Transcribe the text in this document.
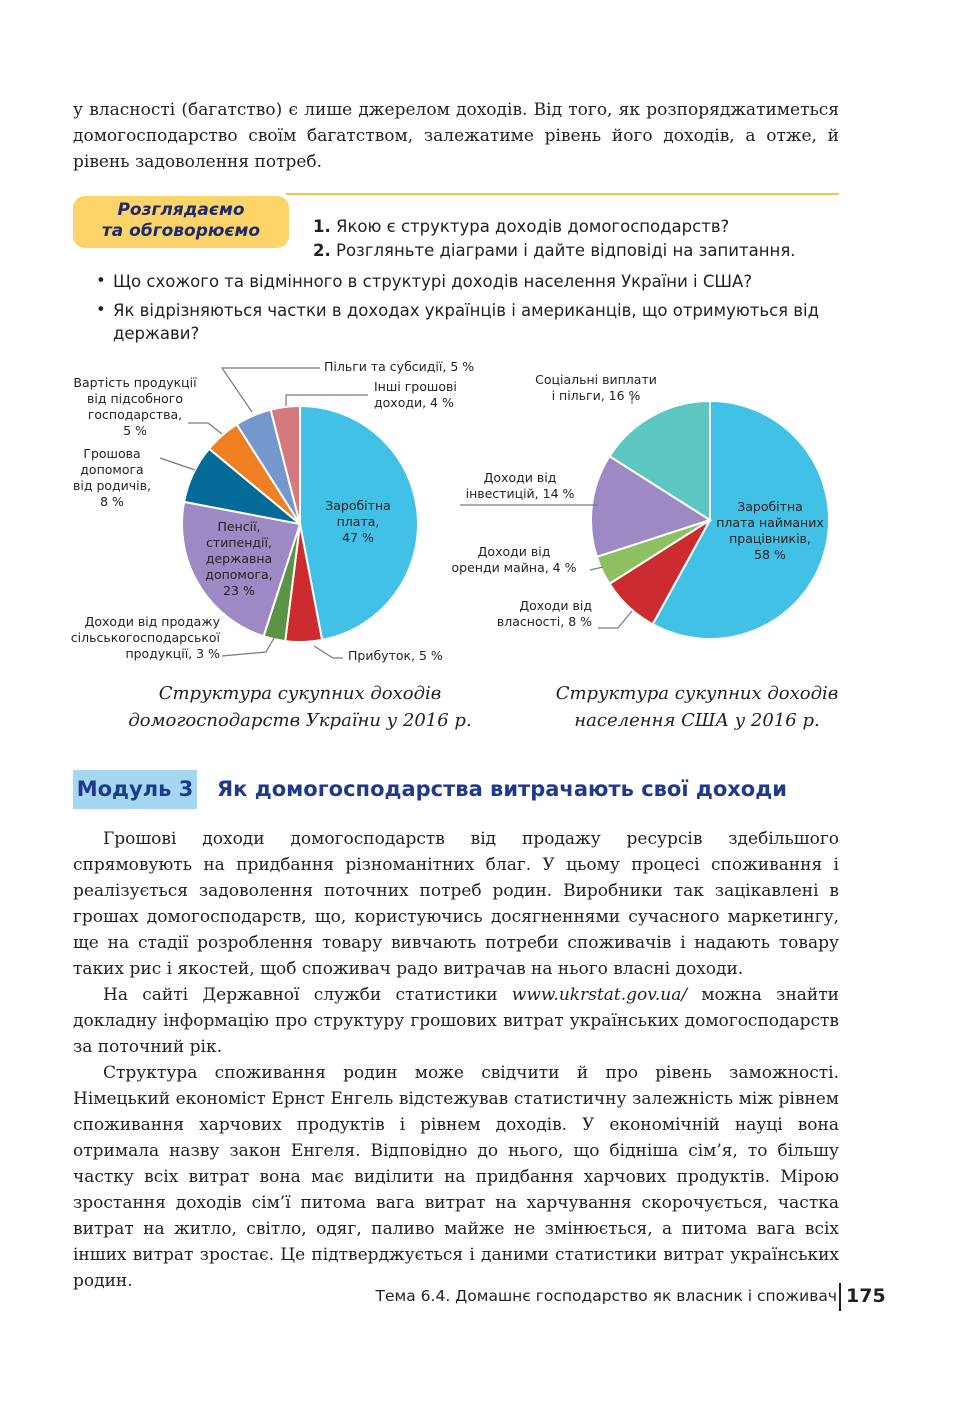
у власності (багатство) є лише джерелом доходів. Від того, як розпоряджатиметься домогосподарство своїм багатством, залежатиме рівень його доходів, а отже, й рівень задоволення потреб.

Розглядаємо
та обговорюємо	1. Якою є структура доходів домогосподарств?

2. Розгляньте діаграми і дайте відповіді на запитання.

• Що схожого та відмінного в структурі доходів населення України і США?

• Як відрізняються частки в доходах українців і американців, що отримуються від держави?

Заробітна
плата,
47 %
Прибуток, 5 %
Доходи від продажу
сільськогосподарської
продукції, 3 %
Пенсії,
стипендії,
державна
допомога,
23 %
Грошова
допомога
від родичів,
8 %
Вартість продукції
від підсобного
господарства,
5 %
Пільги та субсидії, 5 %
Інші грошові
доходи, 4 %
Заробітна
плата найманих
працівників,
58 %
Доходи від
власності, 8 %
Доходи від
оренди майна, 4 %
Доходи від
інвестицій, 14 %
Соціальні виплати
і пільги, 16 %
Структура сукупних доходів
домогосподарств України у 2016 р.
Структура сукупних доходів
населення США у 2016 р.
Модуль 3 Як домогосподарства витрачають свої доходи

Грошові доходи домогосподарств від продажу ресурсів здебільшого спрямовують на придбання різноманітних благ. У цьому процесі споживання і реалізується задоволення поточних потреб родин. Виробники так зацікавлені в грошах домогосподарств, що, користуючись досягненнями сучасного маркетингу, ще на стадії розроблення товару вивчають потреби споживачів і надають товару таких рис і якостей, щоб споживач радо витрачав на нього власні доходи.

На сайті Державної служби статистики www.ukrstat.gov.ua/ можна знайти докладну інформацію про структуру грошових витрат українських домогосподарств за поточний рік.

Структура споживання родин може свідчити й про рівень заможності. Німецький економіст Ернст Енгель відстежував статистичну залежність між рівнем споживання харчових продуктів і рівнем доходів. У економічній науці вона отримала назву закон Енгеля. Відповідно до нього, що бідніша сім’я, то більшу частку всіх витрат вона має виділити на придбання харчових продуктів. Мірою зростання доходів сім’ї питома вага витрат на харчування скорочується, частка витрат на житло, світло, одяг, паливо майже не змінюється, а питома вага всіх інших витрат зростає. Це підтверджується і даними статистики витрат українських родин.

Тема 6.4. Домашнє господарство як власник і споживач 175
